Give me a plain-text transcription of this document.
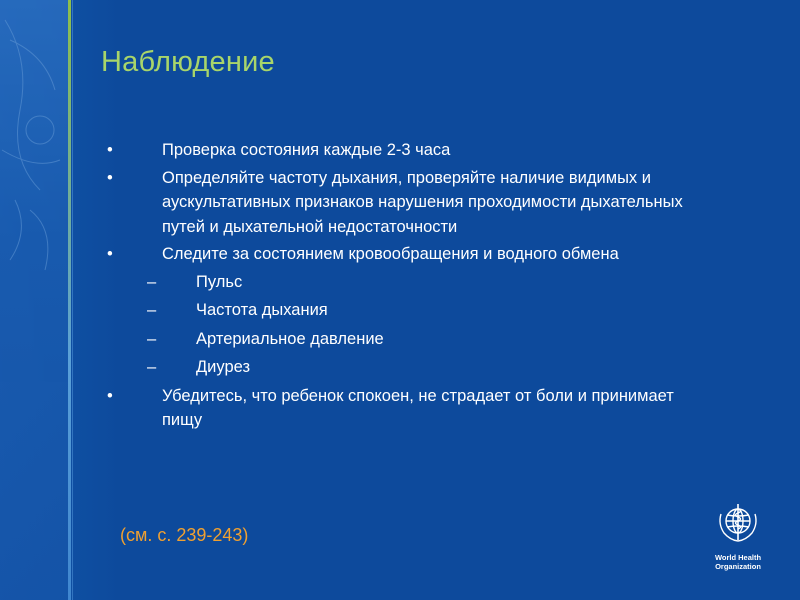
Наблюдение
•	Проверка состояния каждые 2-3 часа
•	Определяйте частоту дыхания, проверяйте наличие видимых и аускультативных признаков нарушения проходимости дыхательных путей и дыхательной недостаточности
•	Следите за состоянием кровообращения и водного обмена
– Пульс
– Частота дыхания
– Артериальное давление
– Диурез
•	Убедитесь, что ребенок спокоен, не страдает от боли и принимает пищу
(см. с. 239-243)
World Health
Organization
